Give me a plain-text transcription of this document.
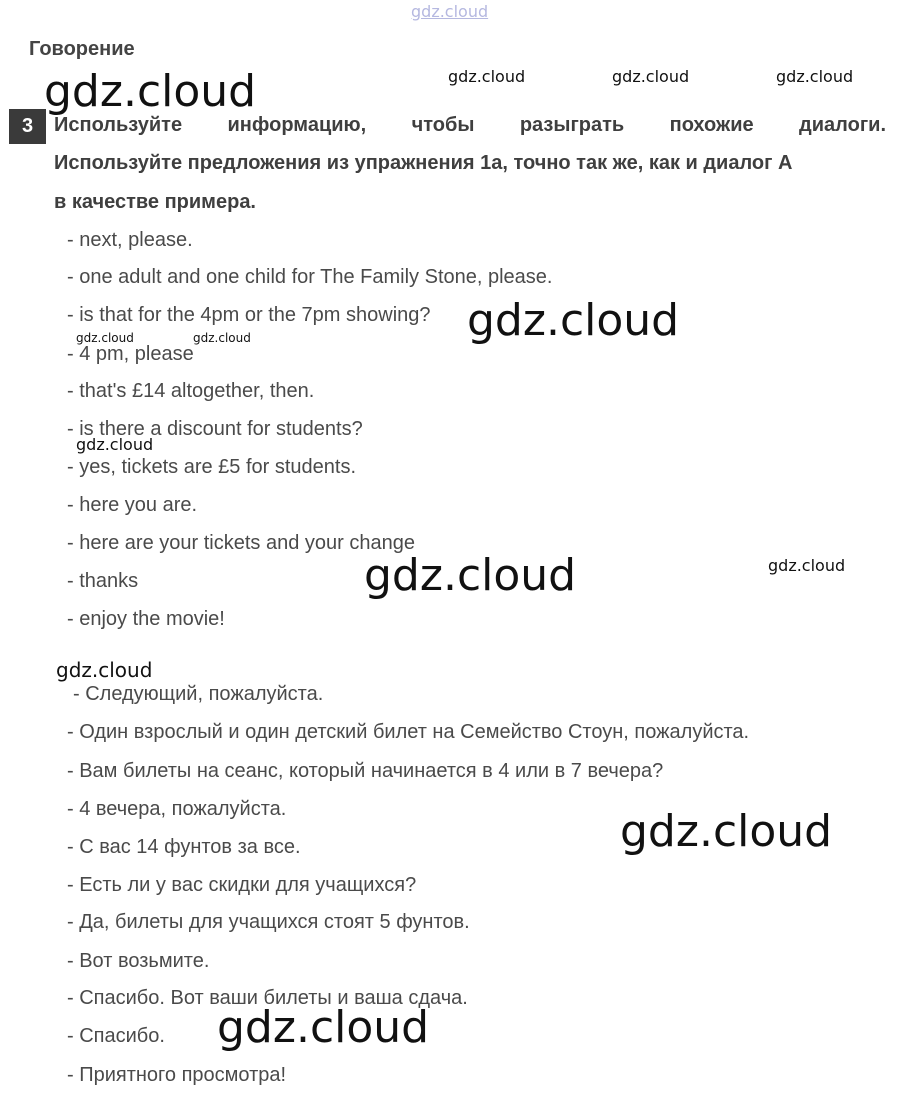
gdz.cloud
Говорение
3	Используйте информацию, чтобы разыграть похожие диалоги.
Используйте предложения из упражнения 1а, точно так же, как и диалог А
в качестве примера.
- next, please.
- one adult and one child for The Family Stone, please.
- is that for the 4pm or the 7pm showing?
- 4 pm, please
- that's £14 altogether, then.
- is there a discount for students?
- yes, tickets are £5 for students.
- here you are.
- here are your tickets and your change
- thanks
- enjoy the movie!
- Следующий, пожалуйста.
- Один взрослый и один детский билет на Семейство Стоун, пожалуйста.
- Вам билеты на сеанс, который начинается в 4 или в 7 вечера?
- 4 вечера, пожалуйста.
- С вас 14 фунтов за все.
- Есть ли у вас скидки для учащихся?
- Да, билеты для учащихся стоят 5 фунтов.
- Вот возьмите.
- Спасибо. Вот ваши билеты и ваша сдача.
- Спасибо.
- Приятного просмотра!
gdz.cloud	gdz.cloud	gdz.cloud	gdz.cloud
gdz.cloud
gdz.cloud	gdz.cloud
gdz.cloud
gdz.cloud
gdz.cloud
gdz.cloud
gdz.cloud
gdz.cloud
